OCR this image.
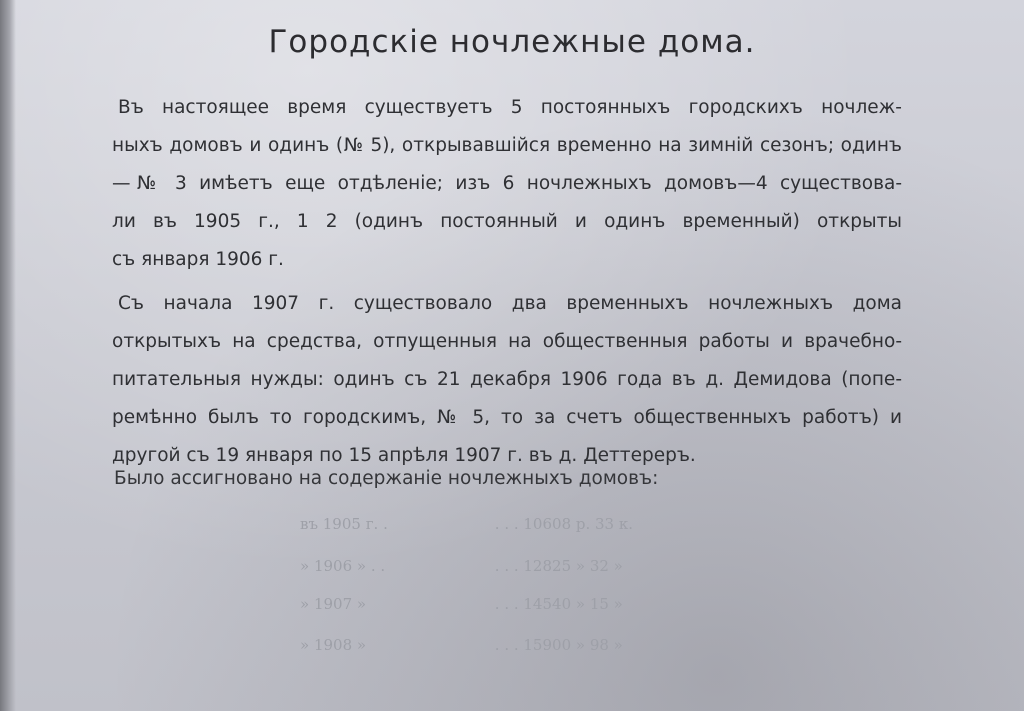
Городскiе ночлежные дома.
Въ настоящее время существуетъ 5 постоянныхъ городскихъ ночлеж-
ныхъ домовъ и одинъ (№ 5), открывавшiйся временно на зимнiй сезонъ; одинъ
—№ 3 имѣетъ еще отдѣленiе; изъ 6 ночлежныхъ домовъ—4 существова-
ли въ 1905 г., 1 2 (одинъ постоянный и одинъ временный) открыты
съ января 1906 г.
Съ начала 1907 г. существовало два временныхъ ночлежныхъ дома
открытыхъ на средства, отпущенныя на общественныя работы и врачебно-
питательныя нужды: одинъ съ 21 декабря 1906 года въ д. Демидова (попе-
ремѣнно былъ то городскимъ, № 5, то за счетъ общественныхъ работъ) и
другой съ 19 января по 15 апрѣля 1907 г. въ д. Деттереръ.

Было ассигновано на содержанiе ночлежныхъ домовъ:

въ 1905 г. .	. . . 10608 р. 33 к.
» 1906 » . .	. . . 12825 » 32 »
» 1907 »	. . . 14540 » 15 »
» 1908 »	. . . 15900 » 98 »
